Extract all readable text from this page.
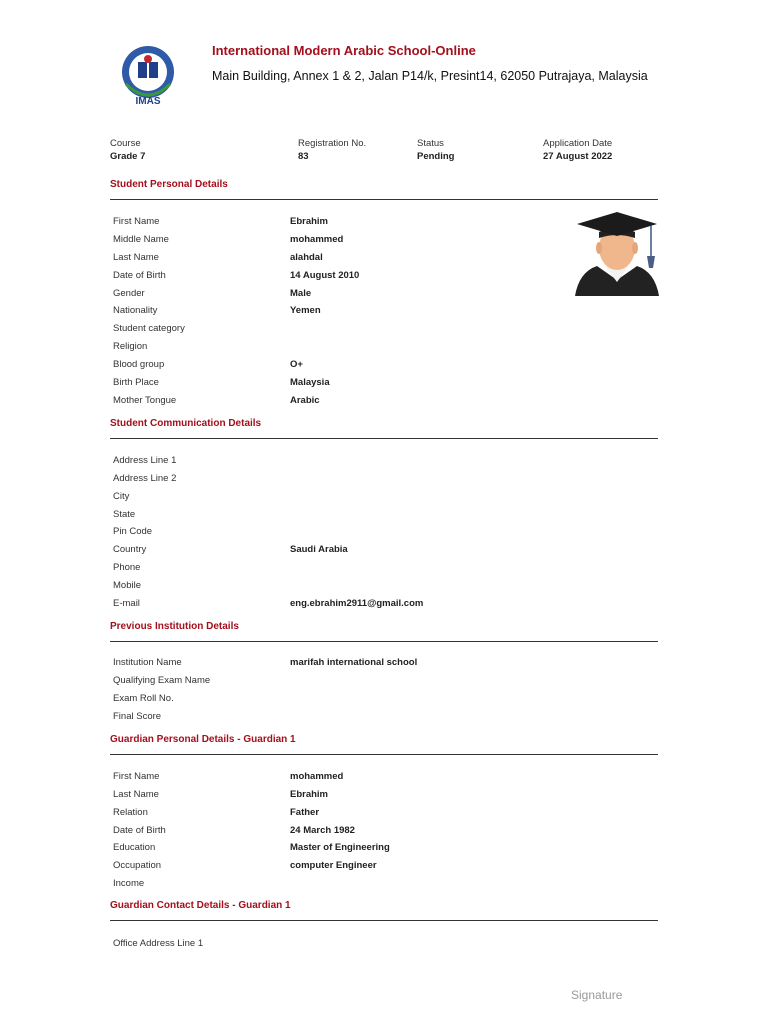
IMAS
International Modern Arabic School-Online
Main Building, Annex 1 & 2, Jalan P14/k, Presint14, 62050 Putrajaya, Malaysia
Course
Grade 7
Registration No.
83
Status
Pending
Application Date
27 August 2022
Student Personal Details
First Name	Ebrahim
Middle Name	mohammed
Last Name	alahdal
Date of Birth	14 August 2010
Gender	Male
Nationality	Yemen
Student category
Religion
Blood group	O+
Birth Place	Malaysia
Mother Tongue	Arabic
Student Communication Details
Address Line 1
Address Line 2
City
State
Pin Code
Country	Saudi Arabia
Phone
Mobile
E-mail	eng.ebrahim2911@gmail.com
Previous Institution Details
Institution Name	marifah international school
Qualifying Exam Name
Exam Roll No.
Final Score
Guardian Personal Details - Guardian 1
First Name	mohammed
Last Name	Ebrahim
Relation	Father
Date of Birth	24 March 1982
Education	Master of Engineering
Occupation	computer Engineer
Income
Guardian Contact Details - Guardian 1
Office Address Line 1
Signature
